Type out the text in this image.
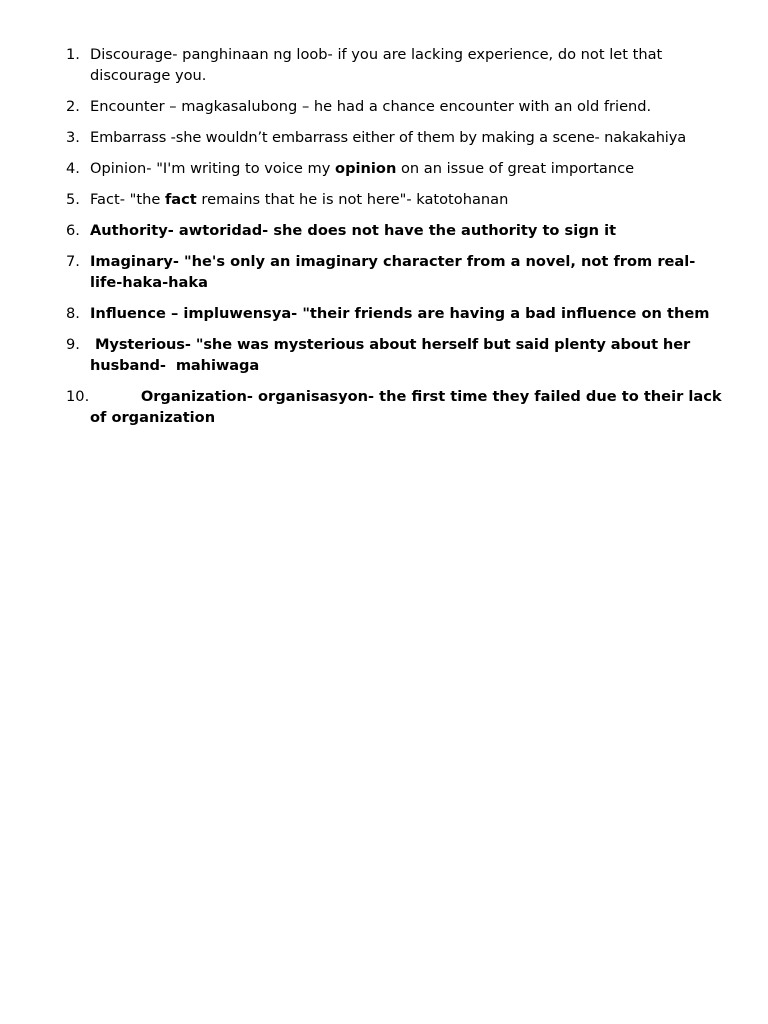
1. Discourage- panghinaan ng loob- if you are lacking experience, do not let that discourage you.
2. Encounter – magkasalubong – he had a chance encounter with an old friend.
3. Embarrass -she wouldn’t embarrass either of them by making a scene- nakakahiya
4. Opinion- "I'm writing to voice my opinion on an issue of great importance
5. Fact- "the fact remains that he is not here"- katotohanan
6. Authority- awtoridad- she does not have the authority to sign it
7. Imaginary- "he's only an imaginary character from a novel, not from real-life-haka-haka
8. Influence – impluwensya- "their friends are having a bad influence on them
9. Mysterious- "she was mysterious about herself but said plenty about her husband-  mahiwaga
10.	Organization- organisasyon- the first time they failed due to their lack of organization
